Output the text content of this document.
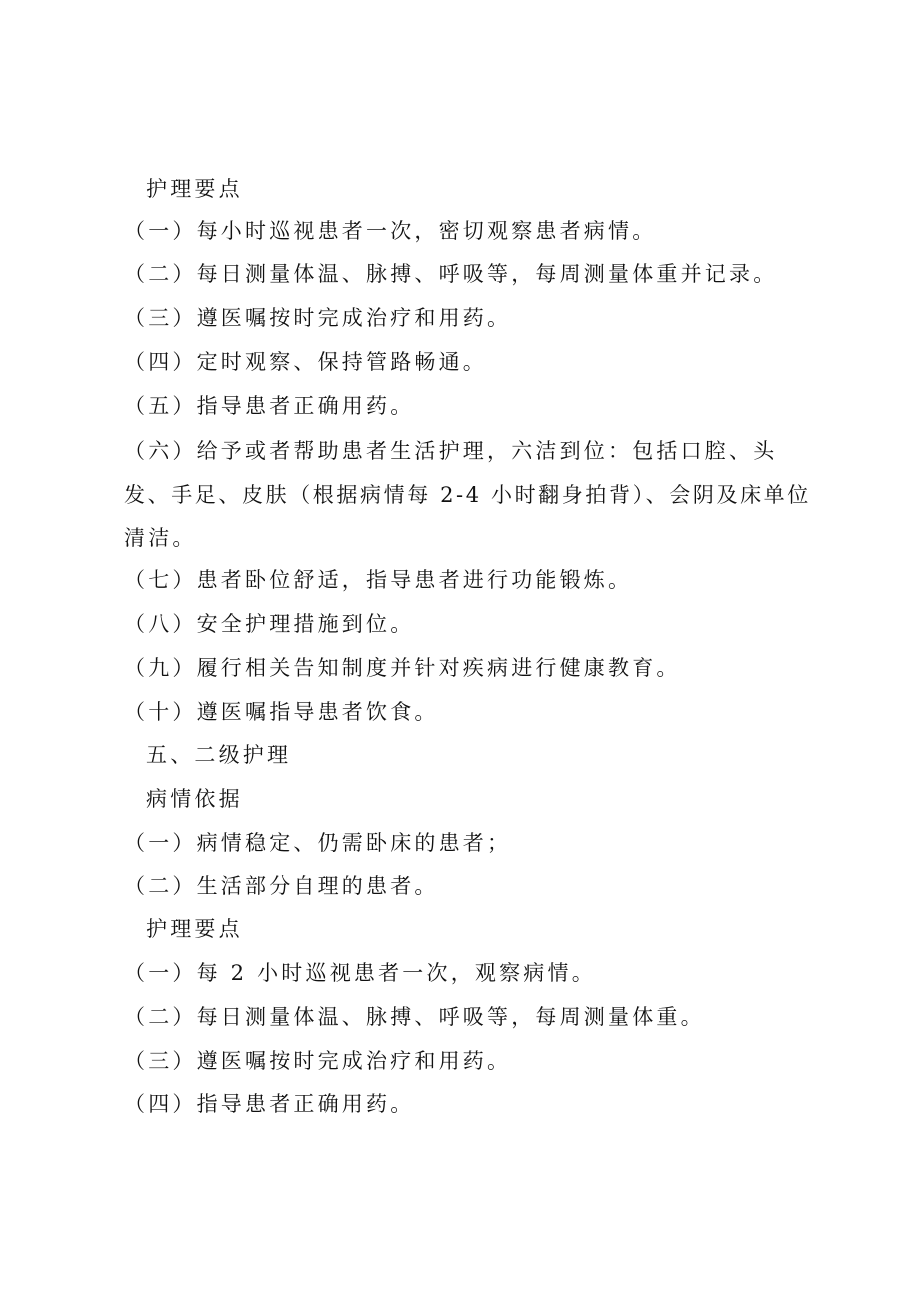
护理要点
（一）每小时巡视患者一次，密切观察患者病情。
（二）每日测量体温、脉搏、呼吸等，每周测量体重并记录。
（三）遵医嘱按时完成治疗和用药。
（四）定时观察、保持管路畅通。
（五）指导患者正确用药。
（六）给予或者帮助患者生活护理，六洁到位：包括口腔、头
发、手足、皮肤（根据病情每 2-4 小时翻身拍背）、会阴及床单位
清洁。
（七）患者卧位舒适，指导患者进行功能锻炼。
（八）安全护理措施到位。
（九）履行相关告知制度并针对疾病进行健康教育。
（十）遵医嘱指导患者饮食。
五、二级护理
病情依据
（一）病情稳定、仍需卧床的患者；
（二）生活部分自理的患者。
护理要点
（一）每 2 小时巡视患者一次，观察病情。
（二）每日测量体温、脉搏、呼吸等，每周测量体重。
（三）遵医嘱按时完成治疗和用药。
（四）指导患者正确用药。
